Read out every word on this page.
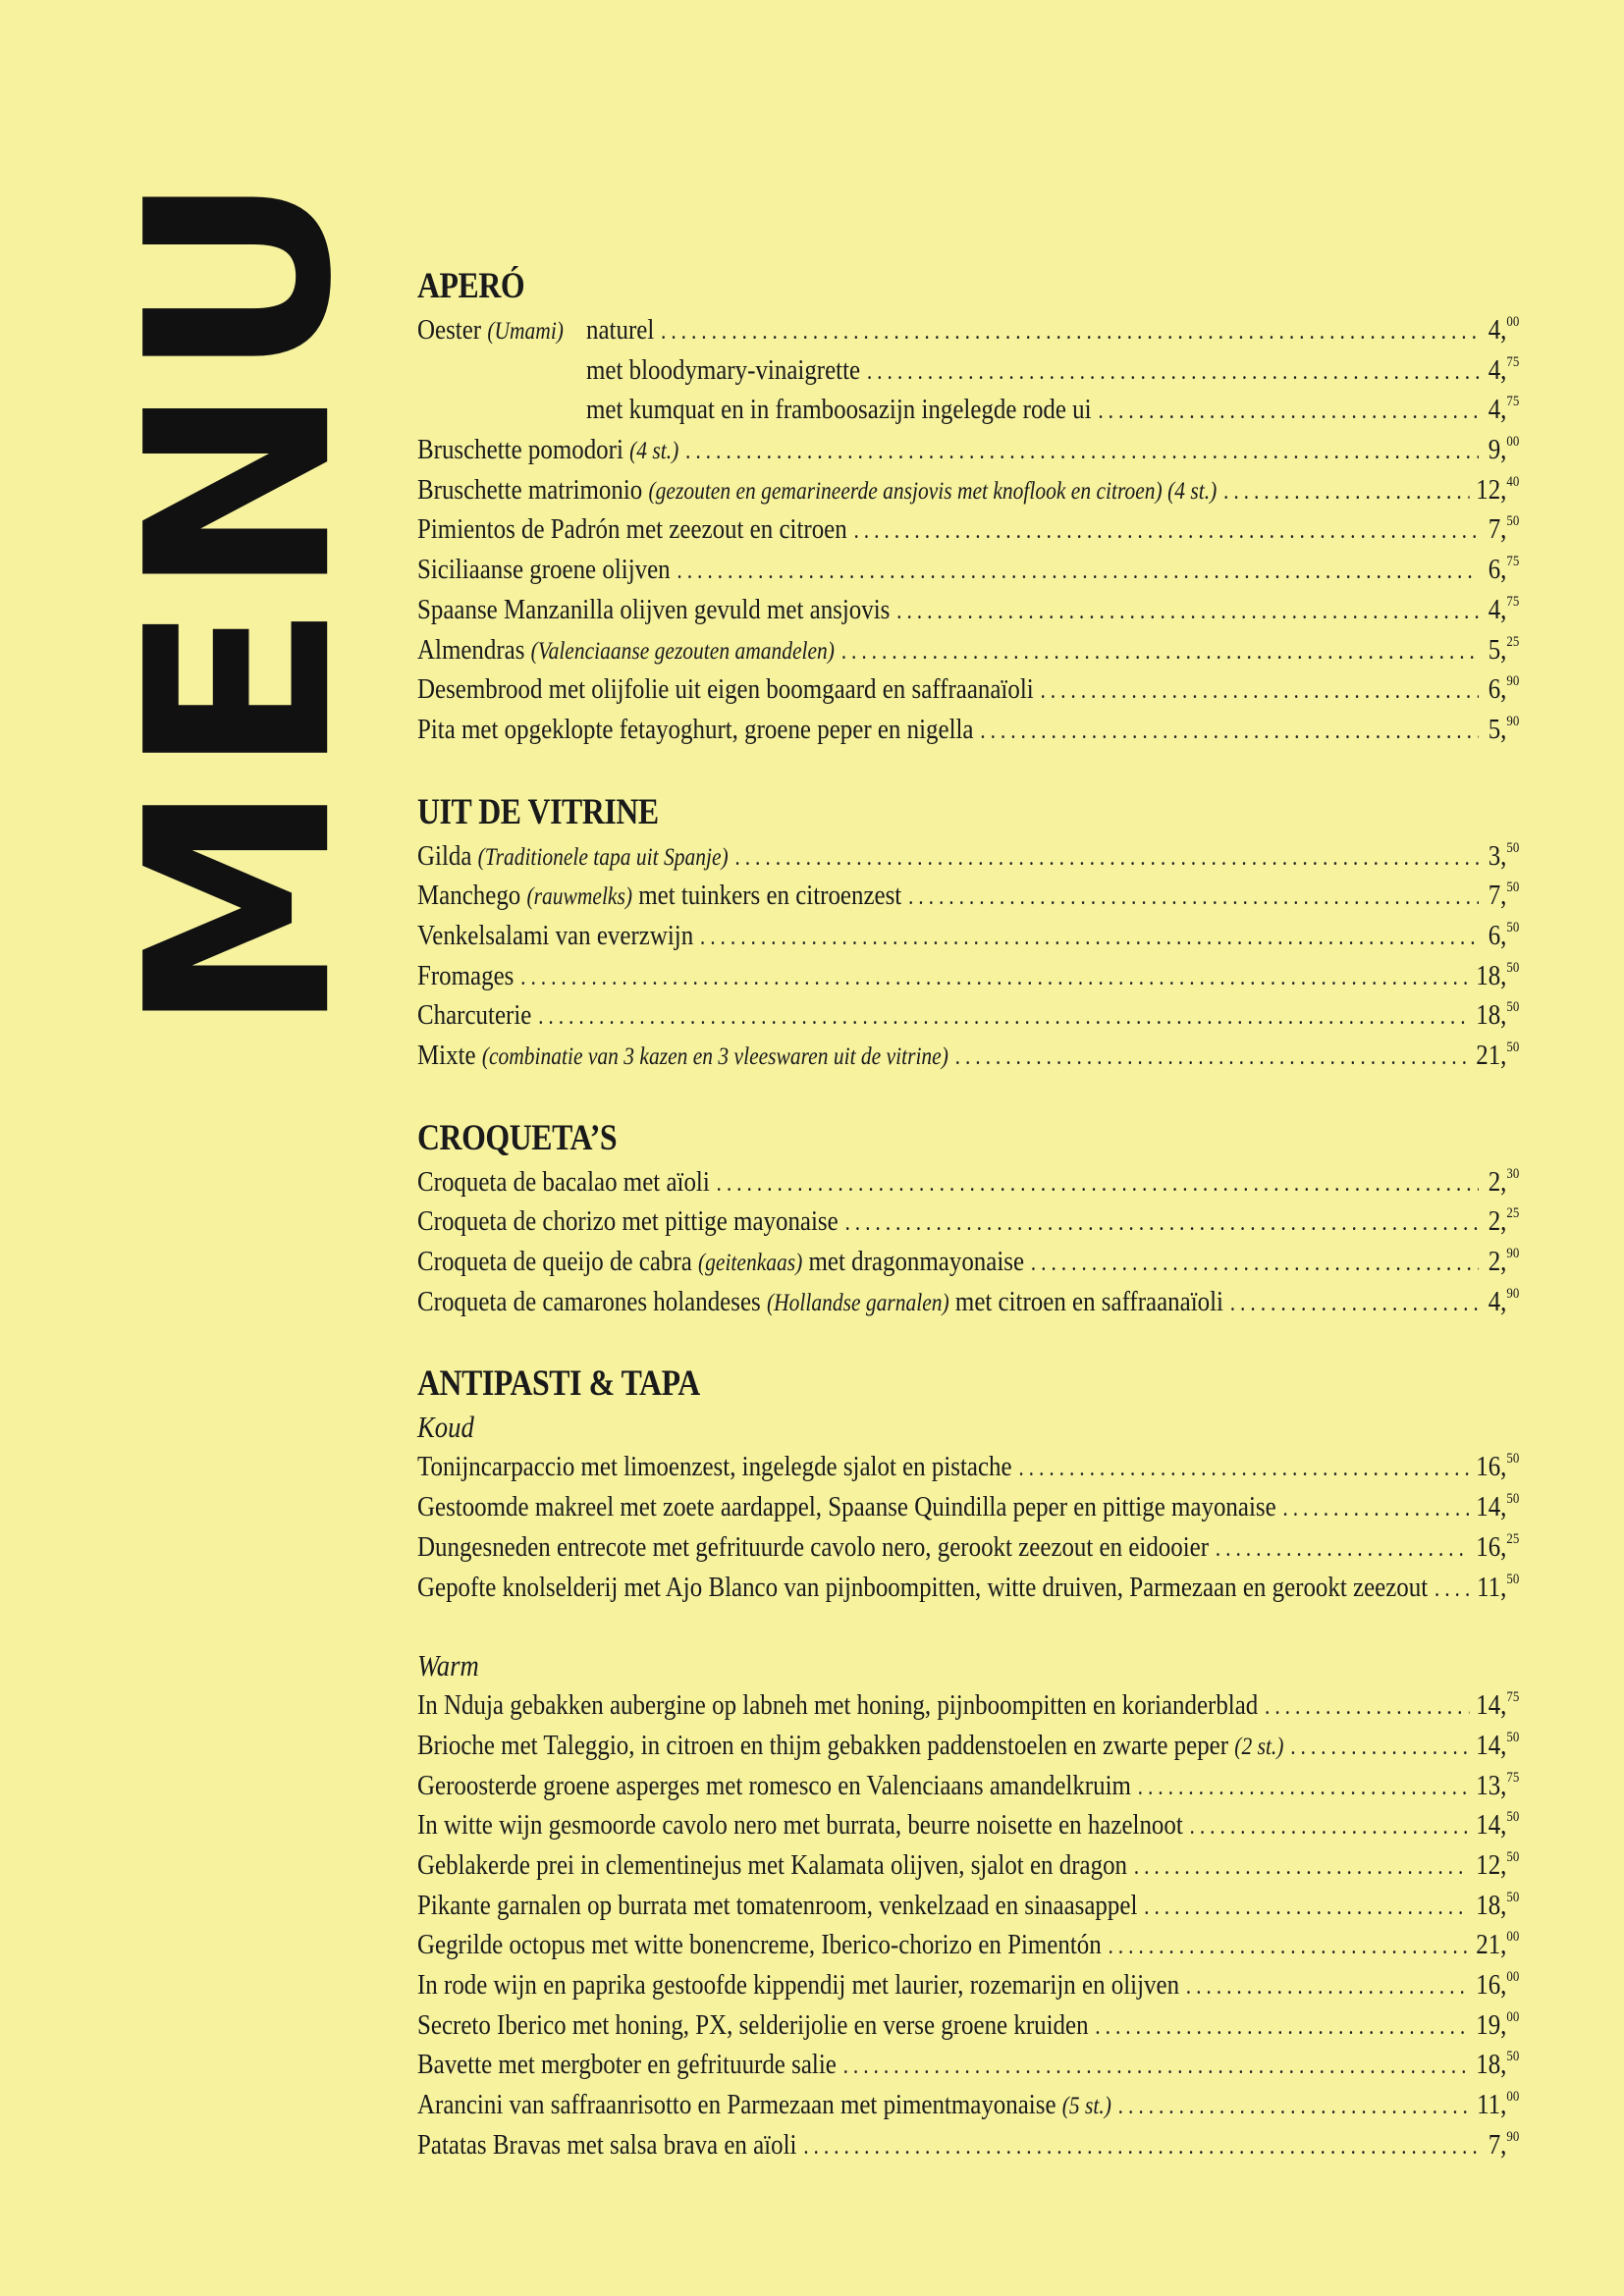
MENU APERÓ
Oester (Umami) naturel . . .	4,00
met bloodymary-vinaigrette . . .	4,75
met kumquat en in framboosazijn ingelegde rode ui . . .	4,75
Bruschette pomodori (4 st.) . . .	9,00
Bruschette matrimonio (gezouten en gemarineerde ansjovis met knoflook en citroen) (4 st.) . . .	12,40
Pimientos de Padrón met zeezout en citroen . . .	7,50
Siciliaanse groene olijven . . .	6,75
Spaanse Manzanilla olijven gevuld met ansjovis . . .	4,75
Almendras (Valenciaanse gezouten amandelen) . . .	5,25
Desembrood met olijfolie uit eigen boomgaard en saffraanaïoli . . .	6,90
Pita met opgeklopte fetayoghurt, groene peper en nigella . . .	5,90
UIT DE VITRINE
Gilda (Traditionele tapa uit Spanje) . . .	3,50
Manchego (rauwmelks) met tuinkers en citroenzest . . .	7,50
Venkelsalami van everzwijn . . .	6,50
Fromages . . .	18,50
Charcuterie . . .	18,50
Mixte (combinatie van 3 kazen en 3 vleeswaren uit de vitrine) . . .	21,50
CROQUETA’S
Croqueta de bacalao met aïoli . . .	2,30
Croqueta de chorizo met pittige mayonaise . . .	2,25
Croqueta de queijo de cabra (geitenkaas) met dragonmayonaise . . .	2,90
Croqueta de camarones holandeses (Hollandse garnalen) met citroen en saffraanaïoli . . .	4,90
ANTIPASTI & TAPA
Koud
Tonijncarpaccio met limoenzest, ingelegde sjalot en pistache . . .	16,50
Gestoomde makreel met zoete aardappel, Spaanse Quindilla peper en pittige mayonaise . . .	14,50
Dungesneden entrecote met gefrituurde cavolo nero, gerookt zeezout en eidooier . . .	16,25
Gepofte knolselderij met Ajo Blanco van pijnboompitten, witte druiven, Parmezaan en gerookt zeezout . . . 11,50
Warm
In Nduja gebakken aubergine op labneh met honing, pijnboompitten en korianderblad . . .	14,75
Brioche met Taleggio, in citroen en thijm gebakken paddenstoelen en zwarte peper (2 st.) . . .	14,50
Geroosterde groene asperges met romesco en Valenciaans amandelkruim . . .	13,75
In witte wijn gesmoorde cavolo nero met burrata, beurre noisette en hazelnoot . . .	14,50
Geblakerde prei in clementinejus met Kalamata olijven, sjalot en dragon . . .	12,50
Pikante garnalen op burrata met tomatenroom, venkelzaad en sinaasappel . . .	18,50
Gegrilde octopus met witte bonencreme, Iberico-chorizo en Pimentón . . .	21,00
In rode wijn en paprika gestoofde kippendij met laurier, rozemarijn en olijven . . .	16,00
Secreto Iberico met honing, PX, selderijolie en verse groene kruiden . . .	19,00
Bavette met mergboter en gefrituurde salie . . .	18,50
Arancini van saffraanrisotto en Parmezaan met pimentmayonaise (5 st.) . . .	11,00
Patatas Bravas met salsa brava en aïoli . . .	7,90
